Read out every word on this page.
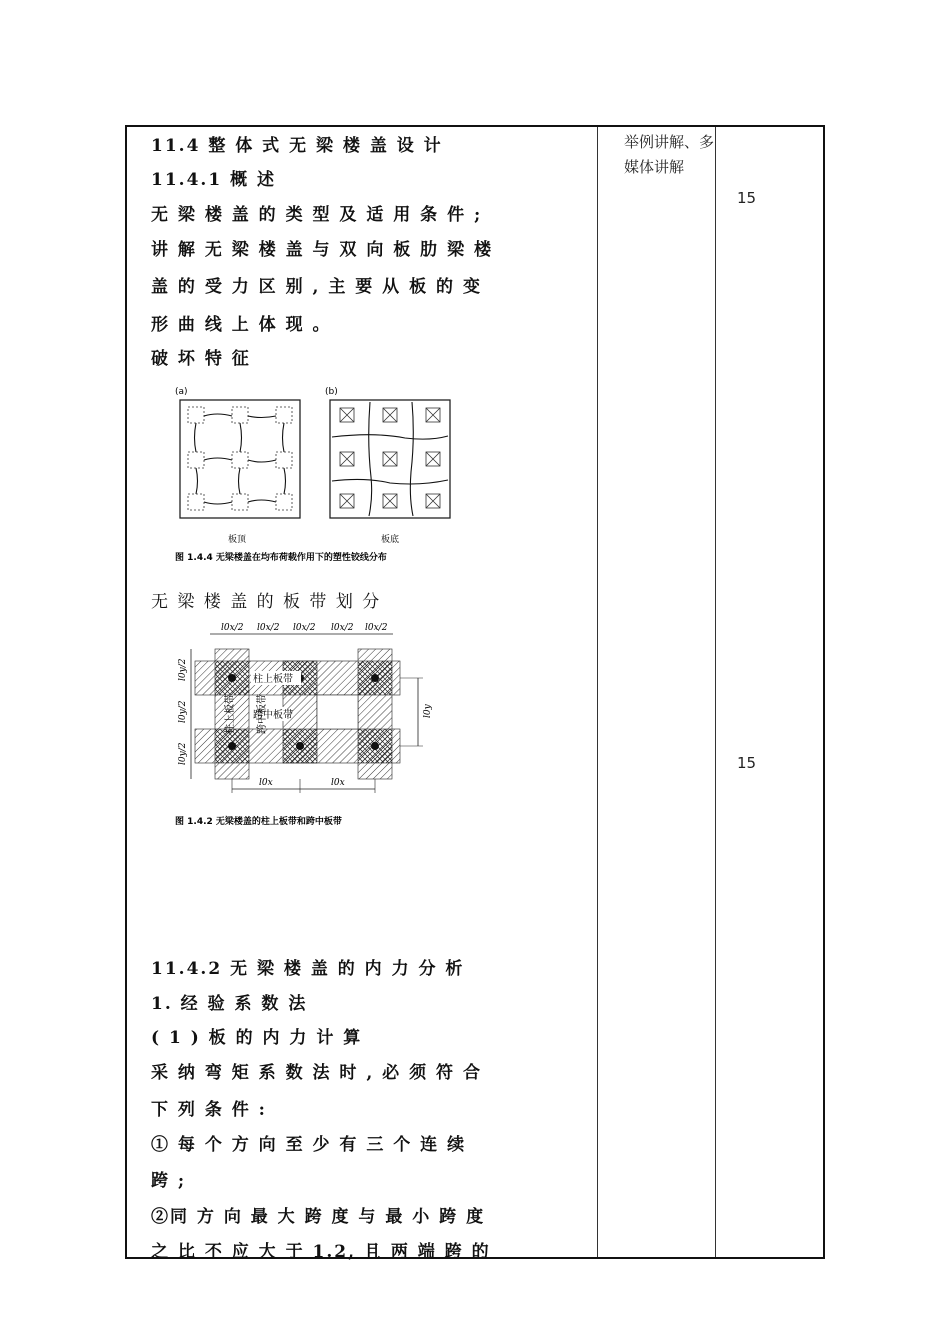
11.4 整 体 式 无 梁 楼 盖 设 计
11.4.1 概 述
无 梁 楼 盖 的 类 型 及 适 用 条 件 ;
讲 解 无 梁 楼 盖 与 双 向 板 肋 梁 楼
盖 的 受 力 区 别 , 主 要 从 板 的 变
形 曲 线 上 体 现 。
破 坏 特 征
(a)	(b)
板顶	板底
图 1.4.4 无梁楼盖在均布荷载作用下的塑性铰线分布
无 梁 楼 盖 的 板 带 划 分
l0x/2 l0x/2 l0x/2 l0x/2 l0x/2
柱上板带
跨中板带
柱上板带 跨中板带
l0y/2
l0y/2
l0y/2
l0y
l0x	l0x
图 1.4.2 无梁楼盖的柱上板带和跨中板带
11.4.2 无 梁 楼 盖 的 内 力 分 析
1. 经 验 系 数 法
( 1 ) 板 的 内 力 计 算
采 纳 弯 矩 系 数 法 时 , 必 须 符 合
下 列 条 件 :
① 每 个 方 向 至 少 有 三 个 连 续
跨 ;
②同 方 向 最 大 跨 度 与 最 小 跨 度
之 比 不 应 大 于 1.2, 且 两 端 跨 的
举例讲解、多媒体讲解
15
15
